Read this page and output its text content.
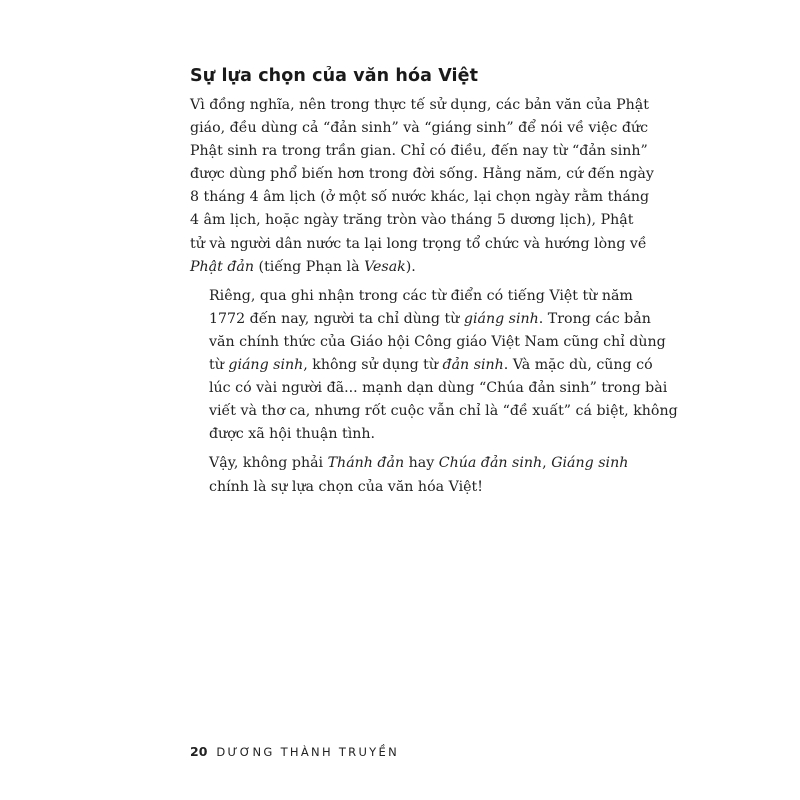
Sự lựa chọn của văn hóa Việt

Vì đồng nghĩa, nên trong thực tế sử dụng, các bản văn của Phật
giáo, đều dùng cả “đản sinh” và “giáng sinh” để nói về việc đức
Phật sinh ra trong trần gian. Chỉ có điều, đến nay từ “đản sinh”
được dùng phổ biến hơn trong đời sống. Hằng năm, cứ đến ngày
8 tháng 4 âm lịch (ở một số nước khác, lại chọn ngày rằm tháng
4 âm lịch, hoặc ngày trăng tròn vào tháng 5 dương lịch), Phật
tử và người dân nước ta lại long trọng tổ chức và hướng lòng về
Phật đản (tiếng Phạn là Vesak).

Riêng, qua ghi nhận trong các từ điển có tiếng Việt từ năm
1772 đến nay, người ta chỉ dùng từ giáng sinh. Trong các bản
văn chính thức của Giáo hội Công giáo Việt Nam cũng chỉ dùng
từ giáng sinh, không sử dụng từ đản sinh. Và mặc dù, cũng có
lúc có vài người đã... mạnh dạn dùng “Chúa đản sinh” trong bài
viết và thơ ca, nhưng rốt cuộc vẫn chỉ là “đề xuất” cá biệt, không
được xã hội thuận tình.

Vậy, không phải Thánh đản hay Chúa đản sinh, Giáng sinh
chính là sự lựa chọn của văn hóa Việt!

20 DƯƠNG THÀNH TRUYỀN
